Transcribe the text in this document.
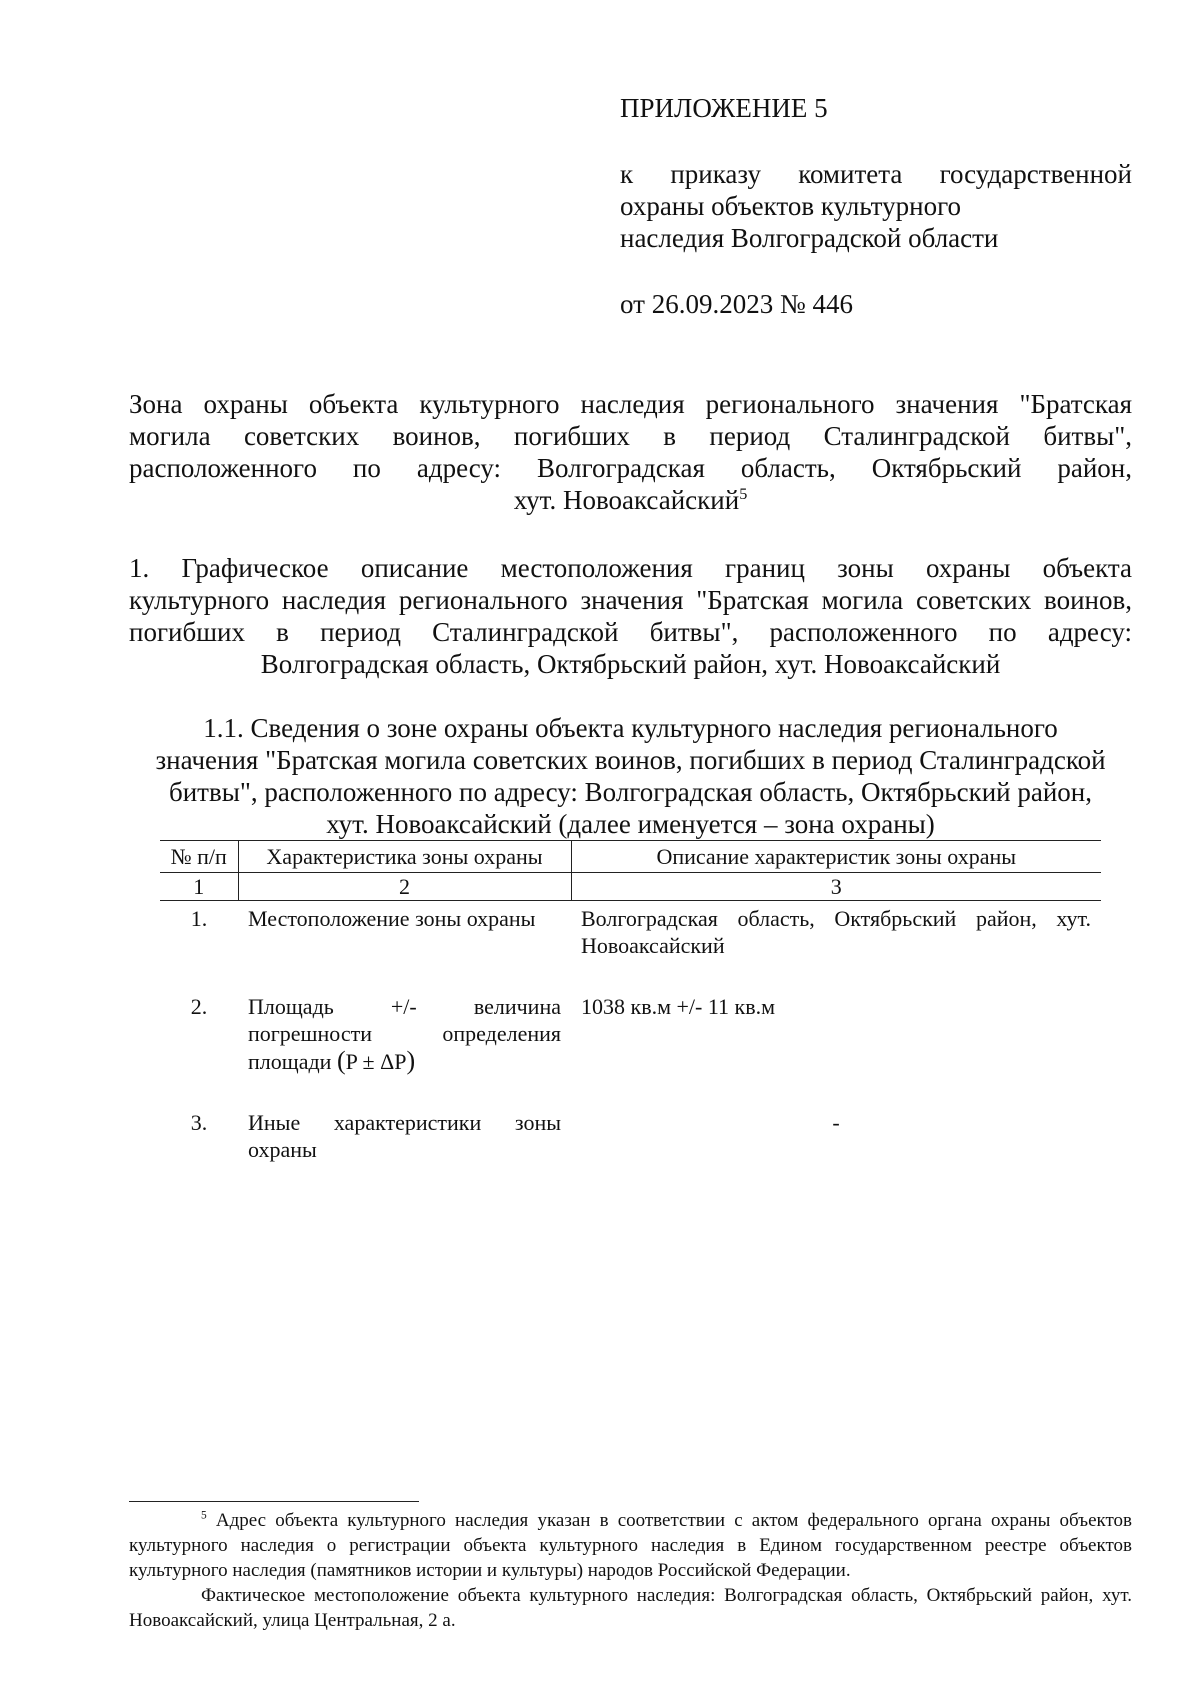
ПРИЛОЖЕНИЕ 5
к приказу комитета государственной
охраны объектов культурного
наследия Волгоградской области
от 26.09.2023 № 446
Зона охраны объекта культурного наследия регионального значения "Братская
могила советских воинов, погибших в период Сталинградской битвы",
расположенного по адресу: Волгоградская область, Октябрьский район,
хут. Новоаксайский$^5$
1. Графическое описание местоположения границ зоны охраны объекта
культурного наследия регионального значения "Братская могила советских воинов,
погибших в период Сталинградской битвы", расположенного по адресу:
Волгоградская область, Октябрьский район, хут. Новоаксайский
1.1. Сведения о зоне охраны объекта культурного наследия регионального
значения "Братская могила советских воинов, погибших в период Сталинградской
битвы", расположенного по адресу: Волгоградская область, Октябрьский район,
хут. Новоаксайский (далее именуется – зона охраны)
№ п/п	Характеристика зоны охраны	Описание характеристик зоны охраны
1	2	3
1.	Местоположение зоны охраны	Волгоградская область, Октябрьский район, хут. Новоаксайский
2.	Площадь +/- величина погрешности определения площади (P ± ΔP)	1038 кв.м +/- 11 кв.м
3.	Иные характеристики зоны охраны	-

$^5$ Адрес объекта культурного наследия указан в соответствии с актом федерального органа охраны объектов культурного наследия о регистрации объекта культурного наследия в Едином государственном реестре объектов культурного наследия (памятников истории и культуры) народов Российской Федерации.

Фактическое местоположение объекта культурного наследия: Волгоградская область, Октябрьский район, хут. Новоаксайский, улица Центральная, 2 а.
